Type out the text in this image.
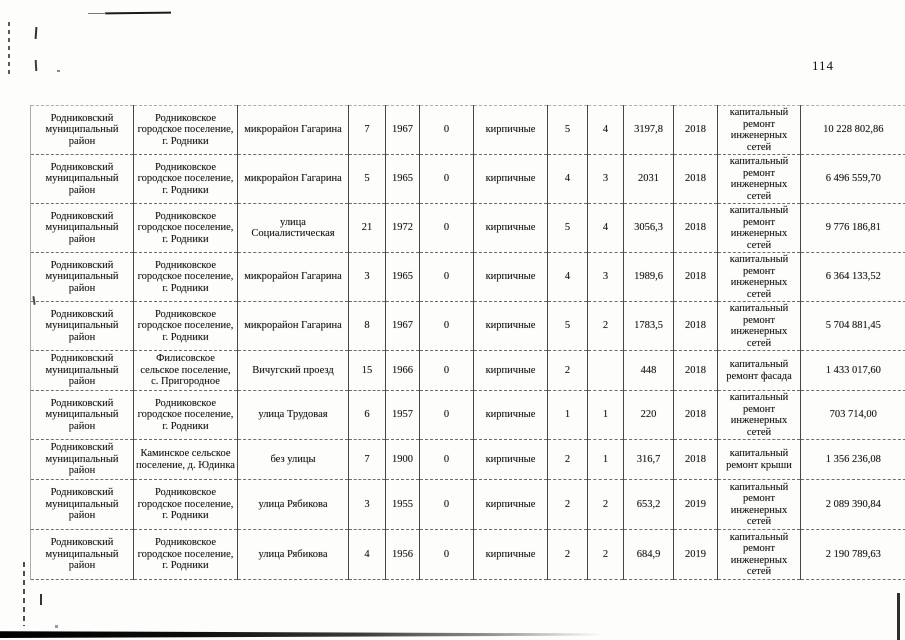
114
Родниковский муниципальный район	Родниковское городское поселение, г. Родники	микрорайон Гагарина	7	1967	0	кирпичные	5	4	3197,8	2018	капитальный ремонт инженерных сетей	10 228 802,86
Родниковский муниципальный район	Родниковское городское поселение, г. Родники	микрорайон Гагарина	5	1965	0	кирпичные	4	3	2031	2018	капитальный ремонт инженерных сетей	6 496 559,70
Родниковский муниципальный район	Родниковское городское поселение, г. Родники	улица Социалистическая	21	1972	0	кирпичные	5	4	3056,3	2018	капитальный ремонт инженерных сетей	9 776 186,81
Родниковский муниципальный район	Родниковское городское поселение, г. Родники	микрорайон Гагарина	3	1965	0	кирпичные	4	3	1989,6	2018	капитальный ремонт инженерных сетей	6 364 133,52
Родниковский муниципальный район	Родниковское городское поселение, г. Родники	микрорайон Гагарина	8	1967	0	кирпичные	5	2	1783,5	2018	капитальный ремонт инженерных сетей	5 704 881,45
Родниковский муниципальный район	Филисовское сельское поселение, с. Пригородное	Вичугский проезд	15	1966	0	кирпичные	2		448	2018	капитальный ремонт фасада	1 433 017,60
Родниковский муниципальный район	Родниковское городское поселение, г. Родники	улица Трудовая	6	1957	0	кирпичные	1	1	220	2018	капитальный ремонт инженерных сетей	703 714,00
Родниковский муниципальный район	Каминское сельское поселение, д. Юдинка	без улицы	7	1900	0	кирпичные	2	1	316,7	2018	капитальный ремонт крыши	1 356 236,08
Родниковский муниципальный район	Родниковское городское поселение, г. Родники	улица Рябикова	3	1955	0	кирпичные	2	2	653,2	2019	капитальный ремонт инженерных сетей	2 089 390,84
Родниковский муниципальный район	Родниковское городское поселение, г. Родники	улица Рябикова	4	1956	0	кирпичные	2	2	684,9	2019	капитальный ремонт инженерных сетей	2 190 789,63
